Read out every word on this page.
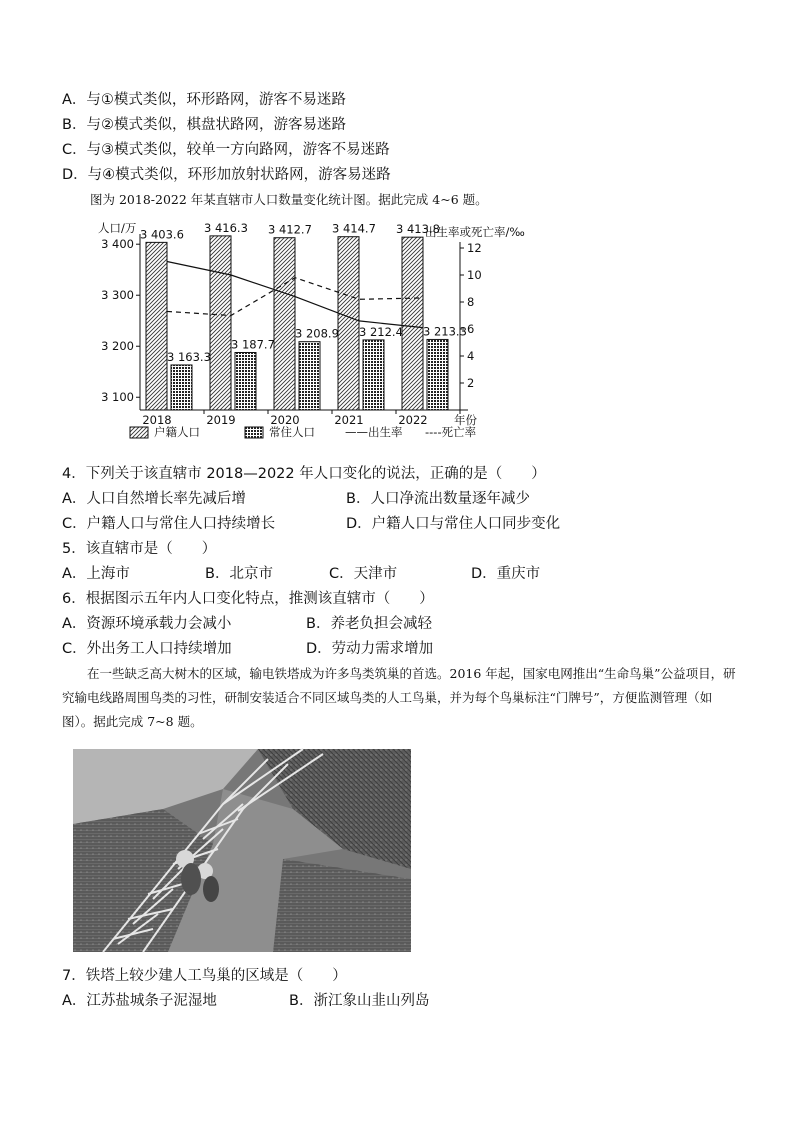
A．与①模式类似，环形路网，游客不易迷路
B．与②模式类似，棋盘状路网，游客易迷路
C．与③模式类似，较单一方向路网，游客不易迷路
D．与④模式类似，环形加放射状路网，游客易迷路
图为 2018-2022 年某直辖市人口数量变化统计图。据此完成 4~6 题。
3 100
3 200
3 300
3 400
2
4
6
8
10
12
人口/万	出生率或死亡率/‰
年份
3 403.6
3 163.3
2018
3 416.3
3 187.7
2019
3 412.7
3 208.9
2020
3 414.7
3 212.4
2021
3 413.8
3 213.3
2022
户籍人口	常住人口	——出生率 ----死亡率
4．下列关于该直辖市 2018—2022 年人口变化的说法，正确的是（　　）
A．人口自然增长率先减后增	B．人口净流出数量逐年减少
C．户籍人口与常住人口持续增长	D．户籍人口与常住人口同步变化
5．该直辖市是（　　）
A．上海市	B．北京市	C．天津市	D．重庆市
6．根据图示五年内人口变化特点，推测该直辖市（　　）
A．资源环境承载力会减小	B．养老负担会减轻
C．外出务工人口持续增加	D．劳动力需求增加
　　在一些缺乏高大树木的区域，输电铁塔成为许多鸟类筑巢的首选。2016 年起，国家电网推出“生命鸟巢”公益项目，研究输电线路周围鸟类的习性，研制安装适合不同区域鸟类的人工鸟巢，并为每个鸟巢标注“门牌号”，方便监测管理（如图）。据此完成 7~8 题。
7．铁塔上较少建人工鸟巢的区域是（　　）
A．江苏盐城条子泥湿地	B．浙江象山韭山列岛
